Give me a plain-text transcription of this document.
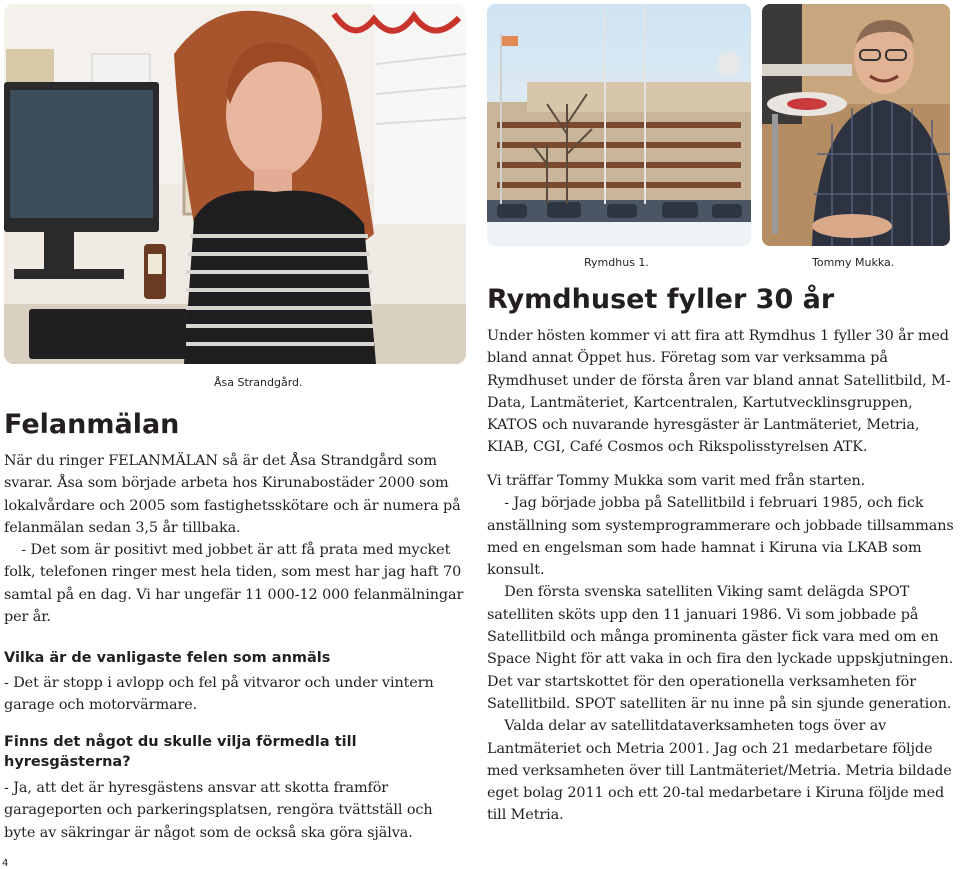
Åsa Strandgård.
Rymdhus 1.	Tommy Mukka.
Felanmälan

När du ringer FELANMÄLAN så är det Åsa Strandgård som svarar. Åsa som började arbeta hos Kirunabostäder 2000 som lokalvårdare och 2005 som fastighetsskötare och är numera på felanmälan sedan 3,5 år tillbaka.

- Det som är positivt med jobbet är att få prata med mycket folk, telefonen ringer mest hela tiden, som mest har jag haft 70 samtal på en dag. Vi har ungefär 11 000-12 000 felanmälningar per år.

Vilka är de vanligaste felen som anmäls

- Det är stopp i avlopp och fel på vitvaror och under vintern garage och motorvärmare.

Finns det något du skulle vilja förmedla till hyresgästerna?

- Ja, att det är hyresgästens ansvar att skotta framför garageporten och parkeringsplatsen, rengöra tvättställ och byte av säkringar är något som de också ska göra själva.

4
Rymdhuset fyller 30 år

Under hösten kommer vi att fira att Rymdhus 1 fyller 30 år med bland annat Öppet hus. Företag som var verksamma på Rymdhuset under de första åren var bland annat Satellitbild, M-Data, Lantmäteriet, Kartcentralen, Kartutvecklinsgruppen, KATOS och nuvarande hyresgäster är Lantmäteriet, Metria, KIAB, CGI, Café Cosmos och Rikspolisstyrelsen ATK.

Vi träffar Tommy Mukka som varit med från starten.

- Jag började jobba på Satellitbild i februari 1985, och fick anställning som systemprogrammerare och jobbade tillsammans med en engelsman som hade hamnat i Kiruna via LKAB som konsult.

Den första svenska satelliten Viking samt delägda SPOT satelliten sköts upp den 11 januari 1986. Vi som jobbade på Satellitbild och många prominenta gäster fick vara med om en Space Night för att vaka in och fira den lyckade uppskjutningen. Det var startskottet för den operationella verksamheten för Satellitbild. SPOT satelliten är nu inne på sin sjunde generation.

Valda delar av satellitdataverksamheten togs över av Lantmäteriet och Metria 2001. Jag och 21 medarbetare följde med verksamheten över till Lantmäteriet/Metria. Metria bildade eget bolag 2011 och ett 20-tal medarbetare i Kiruna följde med till Metria.
